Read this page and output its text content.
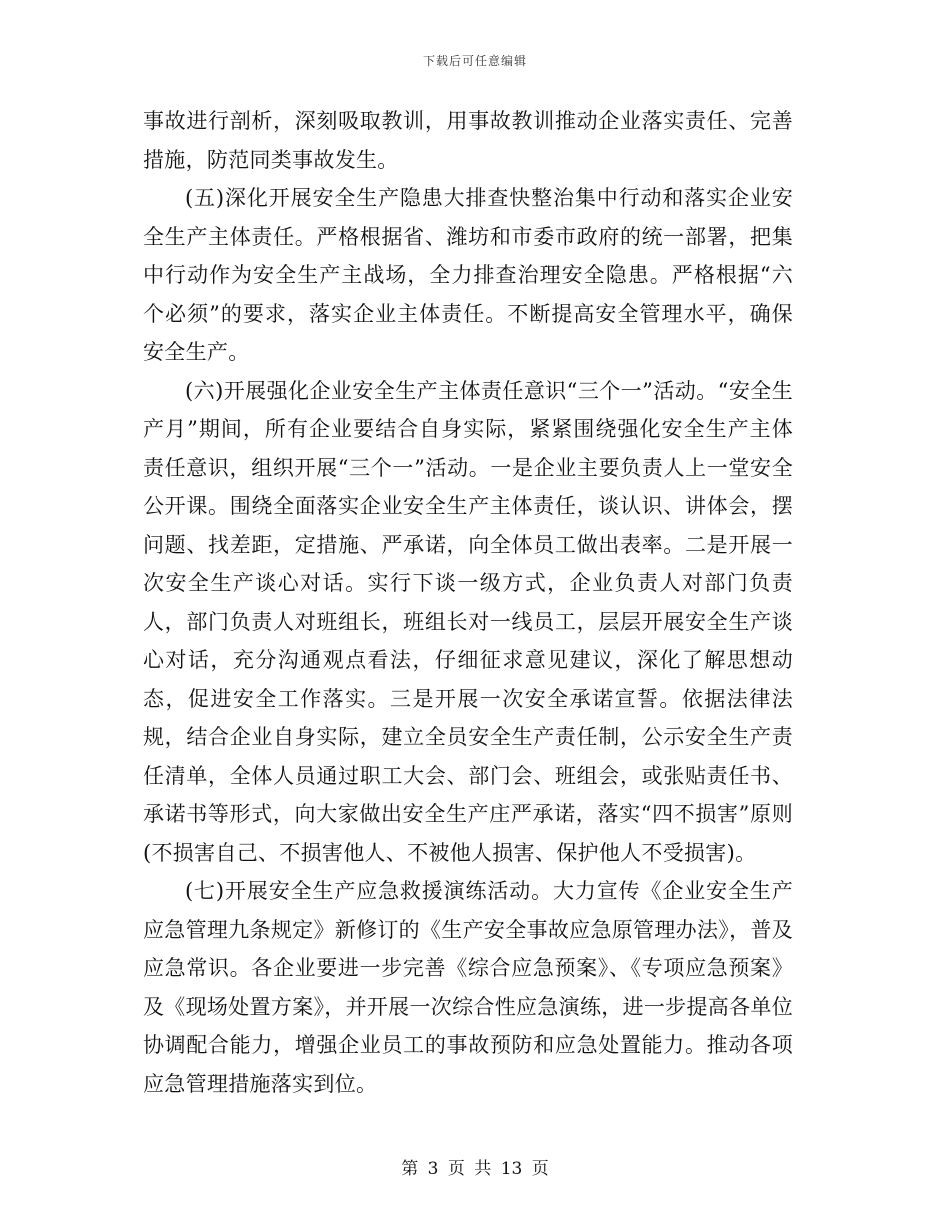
下载后可任意编辑

事故进行剖析，深刻吸取教训，用事故教训推动企业落实责任、完善措施，防范同类事故发生。

(五)深化开展安全生产隐患大排查快整治集中行动和落实企业安全生产主体责任。严格根据省、潍坊和市委市政府的统一部署，把集中行动作为安全生产主战场，全力排查治理安全隐患。严格根据“六个必须”的要求，落实企业主体责任。不断提高安全管理水平，确保安全生产。

(六)开展强化企业安全生产主体责任意识“三个一”活动。“安全生产月”期间，所有企业要结合自身实际，紧紧围绕强化安全生产主体责任意识，组织开展“三个一”活动。一是企业主要负责人上一堂安全公开课。围绕全面落实企业安全生产主体责任，谈认识、讲体会，摆问题、找差距，定措施、严承诺，向全体员工做出表率。二是开展一次安全生产谈心对话。实行下谈一级方式，企业负责人对部门负责人，部门负责人对班组长，班组长对一线员工，层层开展安全生产谈心对话，充分沟通观点看法，仔细征求意见建议，深化了解思想动态，促进安全工作落实。三是开展一次安全承诺宣誓。依据法律法规，结合企业自身实际，建立全员安全生产责任制，公示安全生产责任清单，全体人员通过职工大会、部门会、班组会，或张贴责任书、承诺书等形式，向大家做出安全生产庄严承诺，落实“四不损害”原则(不损害自己、不损害他人、不被他人损害、保护他人不受损害)。

(七)开展安全生产应急救援演练活动。大力宣传《企业安全生产应急管理九条规定》新修订的《生产安全事故应急原管理办法》，普及应急常识。各企业要进一步完善《综合应急预案》、《专项应急预案》及《现场处置方案》，并开展一次综合性应急演练，进一步提高各单位协调配合能力，增强企业员工的事故预防和应急处置能力。推动各项应急管理措施落实到位。

第 3 页 共 13 页
